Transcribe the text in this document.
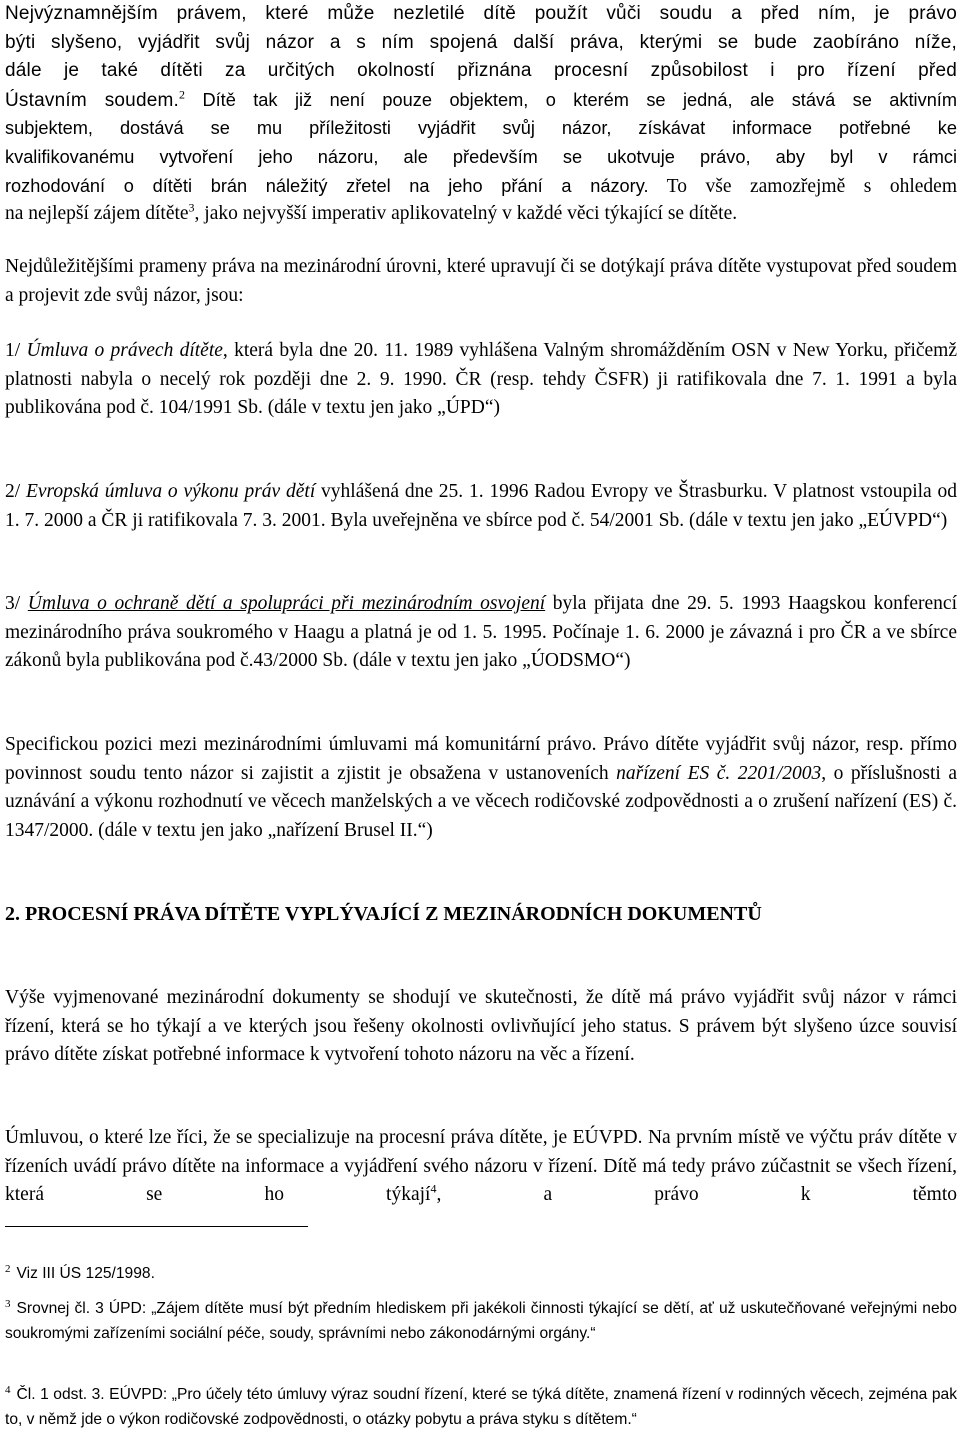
Nejvýznamnějším právem, které může nezletilé dítě použít vůči soudu a před ním, je právo

býti slyšeno, vyjádřit svůj názor a s ním spojená další práva, kterými se bude zaobíráno níže,

dále je také dítěti za určitých okolností přiznána procesní způsobilost i pro řízení před

Ústavním soudem.$^2$ Dítě tak již není pouze objektem, o kterém se jedná, ale stává se aktivním

subjektem, dostává se mu příležitosti vyjádřit svůj názor, získávat informace potřebné ke

kvalifikovanému vytvoření jeho názoru, ale především se ukotvuje právo, aby byl v rámci

rozhodování o dítěti brán náležitý zřetel na jeho přání a názory. To vše zamozřejmě s ohledem

na nejlepší zájem dítěte$^3$, jako nejvyšší imperativ aplikovatelný v každé věci týkající se dítěte.

Nejdůležitějšími prameny práva na mezinárodní úrovni, které upravují či se dotýkají práva dítěte vystupovat před soudem a projevit zde svůj názor, jsou:

1/ Úmluva o právech dítěte, která byla dne 20. 11. 1989 vyhlášena Valným shromážděním OSN v New Yorku, přičemž platnosti nabyla o necelý rok později dne 2. 9. 1990. ČR (resp. tehdy ČSFR) ji ratifikovala dne 7. 1. 1991 a byla publikována pod č. 104/1991 Sb. (dále v textu jen jako „ÚPD“)

2/ Evropská úmluva o výkonu práv dětí vyhlášená dne 25. 1. 1996 Radou Evropy ve Štrasburku. V platnost vstoupila od 1. 7. 2000 a ČR ji ratifikovala 7. 3. 2001. Byla uveřejněna ve sbírce pod č. 54/2001 Sb. (dále v textu jen jako „EÚVPD“)

3/ Úmluva o ochraně dětí a spolupráci při mezinárodním osvojení byla přijata dne 29. 5. 1993 Haagskou konferencí mezinárodního práva soukromého v Haagu a platná je od 1. 5. 1995. Počínaje 1. 6. 2000 je závazná i pro ČR a ve sbírce zákonů byla publikována pod č.43/2000 Sb. (dále v textu jen jako „ÚODSMO“)

Specifickou pozici mezi mezinárodními úmluvami má komunitární právo. Právo dítěte vyjádřit svůj názor, resp. přímo povinnost soudu tento názor si zajistit a zjistit je obsažena v ustanoveních nařízení ES č. 2201/2003, o příslušnosti a uznávání a výkonu rozhodnutí ve věcech manželských a ve věcech rodičovské zodpovědnosti a o zrušení nařízení (ES) č. 1347/2000. (dále v textu jen jako „nařízení Brusel II.“)

2. PROCESNÍ PRÁVA DÍTĚTE VYPLÝVAJÍCÍ Z MEZINÁRODNÍCH DOKUMENTŮ

Výše vyjmenované mezinárodní dokumenty se shodují ve skutečnosti, že dítě má právo vyjádřit svůj názor v rámci řízení, která se ho týkají a ve kterých jsou řešeny okolnosti ovlivňující jeho status. S právem být slyšeno úzce souvisí právo dítěte získat potřebné informace k vytvoření tohoto názoru na věc a řízení.

Úmluvou, o které lze říci, že se specializuje na procesní práva dítěte, je EÚVPD. Na prvním místě ve výčtu práv dítěte v řízeních uvádí právo dítěte na informace a vyjádření svého názoru v řízení. Dítě má tedy právo zúčastnit se všech řízení, která se ho týkají$^4$, a právo k těmto

$^2$ Viz III ÚS 125/1998.

$^3$ Srovnej čl. 3 ÚPD: „Zájem dítěte musí být předním hlediskem při jakékoli činnosti týkající se dětí, ať už uskutečňované veřejnými nebo soukromými zařízeními sociální péče, soudy, správními nebo zákonodárnými orgány.“

$^4$ Čl. 1 odst. 3. EÚVPD: „Pro účely této úmluvy výraz soudní řízení, které se týká dítěte, znamená řízení v rodinných věcech, zejména pak to, v němž jde o výkon rodičovské zodpovědnosti, o otázky pobytu a práva styku s dítětem.“
